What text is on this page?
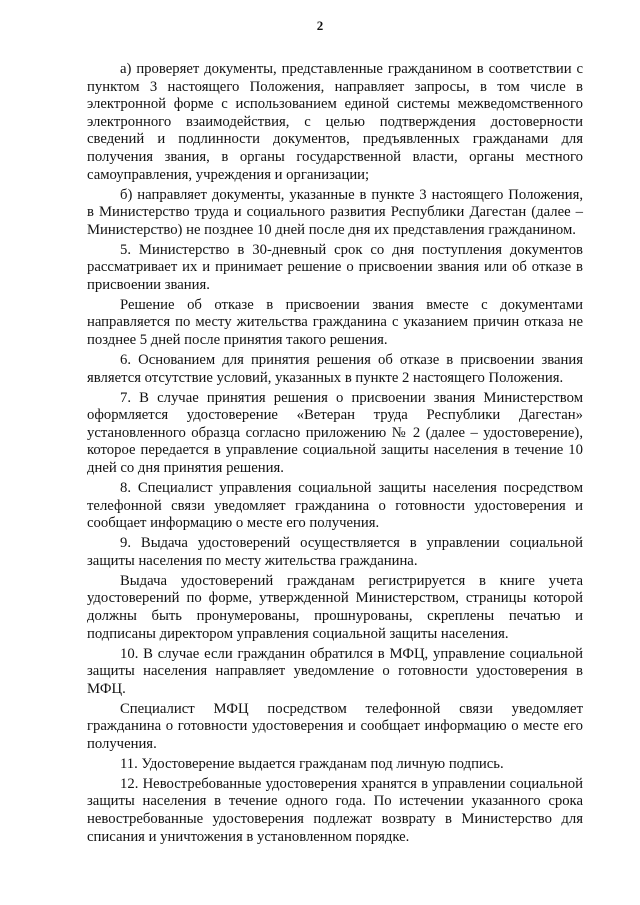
2

а) проверяет документы, представленные гражданином в соответствии с пунктом 3 настоящего Положения, направляет запросы, в том числе в электронной форме с использованием единой системы межведомственного электронного взаимодействия, с целью подтверждения достоверности сведений и подлинности документов, предъявленных гражданами для получения звания, в органы государственной власти, органы местного самоуправления, учреждения и организации;

б) направляет документы, указанные в пункте 3 настоящего Положения, в Министерство труда и социального развития Республики Дагестан (далее – Министерство) не позднее 10 дней после дня их представления гражданином.

5. Министерство в 30-дневный срок со дня поступления документов рассматривает их и принимает решение о присвоении звания или об отказе в присвоении звания.

Решение об отказе в присвоении звания вместе с документами направляется по месту жительства гражданина с указанием причин отказа не позднее 5 дней после принятия такого решения.

6. Основанием для принятия решения об отказе в присвоении звания является отсутствие условий, указанных в пункте 2 настоящего Положения.

7. В случае принятия решения о присвоении звания Министерством оформляется удостоверение «Ветеран труда Республики Дагестан» установленного образца согласно приложению № 2 (далее – удостоверение), которое передается в управление социальной защиты населения в течение 10 дней со дня принятия решения.

8. Специалист управления социальной защиты населения посредством телефонной связи уведомляет гражданина о готовности удостоверения и сообщает информацию о месте его получения.

9. Выдача удостоверений осуществляется в управлении социальной защиты населения по месту жительства гражданина.

Выдача удостоверений гражданам регистрируется в книге учета удостоверений по форме, утвержденной Министерством, страницы которой должны быть пронумерованы, прошнурованы, скреплены печатью и подписаны директором управления социальной защиты населения.

10. В случае если гражданин обратился в МФЦ, управление социальной защиты населения направляет уведомление о готовности удостоверения в МФЦ.

Специалист МФЦ посредством телефонной связи уведомляет гражданина о готовности удостоверения и сообщает информацию о месте его получения.

11. Удостоверение выдается гражданам под личную подпись.

12. Невостребованные удостоверения хранятся в управлении социальной защиты населения в течение одного года. По истечении указанного срока невостребованные удостоверения подлежат возврату в Министерство для списания и уничтожения в установленном порядке.
